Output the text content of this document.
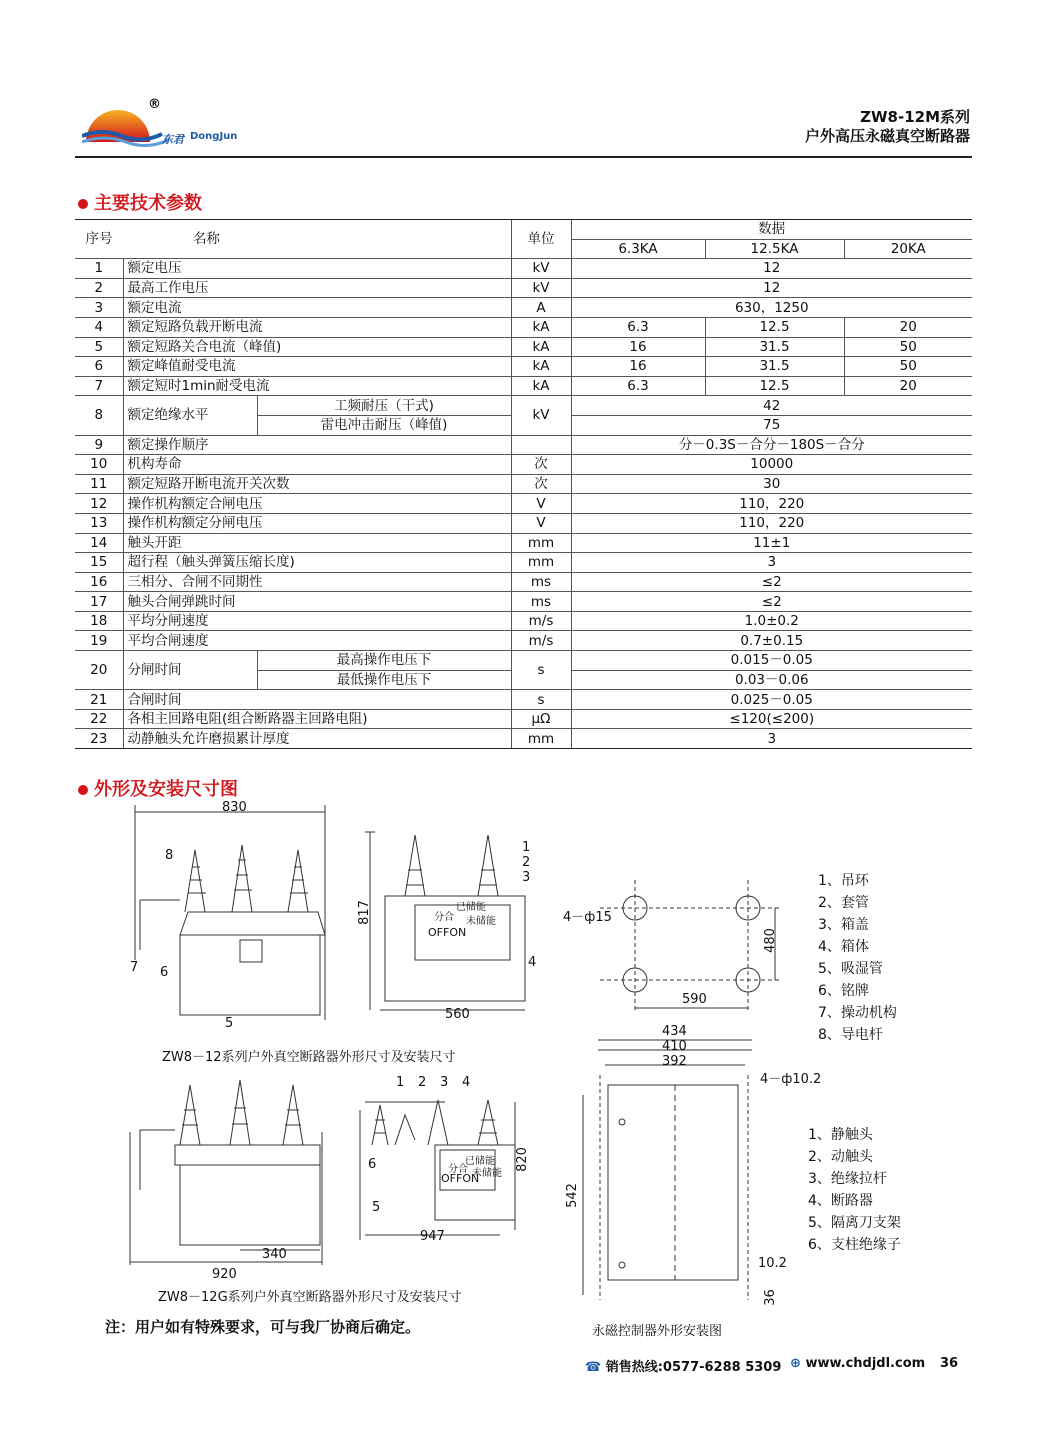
®
东君 DongJun
ZW8-12M系列
户外高压永磁真空断路器
主要技术参数
序号	名称		单位	数据		
				6.3KA	12.5KA	20KA
1	额定电压		kV	12		
2	最高工作电压		kV	12		
3	额定电流		A	630，1250		
4	额定短路负载开断电流		kA	6.3	12.5	20
5	额定短路关合电流（峰值)		kA	16	31.5	50
6	额定峰值耐受电流		kA	16	31.5	50
7	额定短时1min耐受电流		kA	6.3	12.5	20
8	额定绝缘水平	工频耐压（干式)	kV	42		
		雷电冲击耐压（峰值)		75		
9	额定操作顺序			分－0.3S－合分－180S－合分		
10	机构寿命		次	10000		
11	额定短路开断电流开关次数		次	30		
12	操作机构额定合闸电压		V	110，220		
13	操作机构额定分闸电压		V	110，220		
14	触头开距		mm	11±1		
15	超行程（触头弹簧压缩长度)		mm	3		
16	三相分、合闸不同期性		ms	≤2		
17	触头合闸弹跳时间		ms	≤2		
18	平均分闸速度		m/s	1.0±0.2		
19	平均合闸速度		m/s	0.7±0.15		
20	分闸时间	最高操作电压下	s	0.015－0.05		
		最低操作电压下		0.03－0.06		
21	合闸时间		s	0.025－0.05		
22	各相主回路电阻(组合断路器主回路电阻)		μΩ	≤120(≤200)		
23	动静触头允许磨损累计厚度		mm	3		
外形及安装尺寸图
830
8
7 6
5
817
1
2
3
4
已储能
未储能
分合
OFFON
560
ZW8－12系列户外真空断路器外形尺寸及安装尺寸
4－ф15
480
590
1、吊环
2、套管
3、箱盖
4、箱体
5、吸湿管
6、铭牌
7、操动机构
8、导电杆
1 2 3 4
6
5
已储能
未储能
分合
OFFON
820
947
340
920
ZW8－12G系列户外真空断路器外形尺寸及安装尺寸
434
410
392
4－ф10.2
542
10.2
36
永磁控制器外形安装图
1、静触头
2、动触头
3、绝缘拉杆
4、断路器
5、隔离刀支架
6、支柱绝缘子
注：用户如有特殊要求，可与我厂协商后确定。
☎ 销售热线:0577-6288 5309 ⊕ www.chdjdl.com 36
